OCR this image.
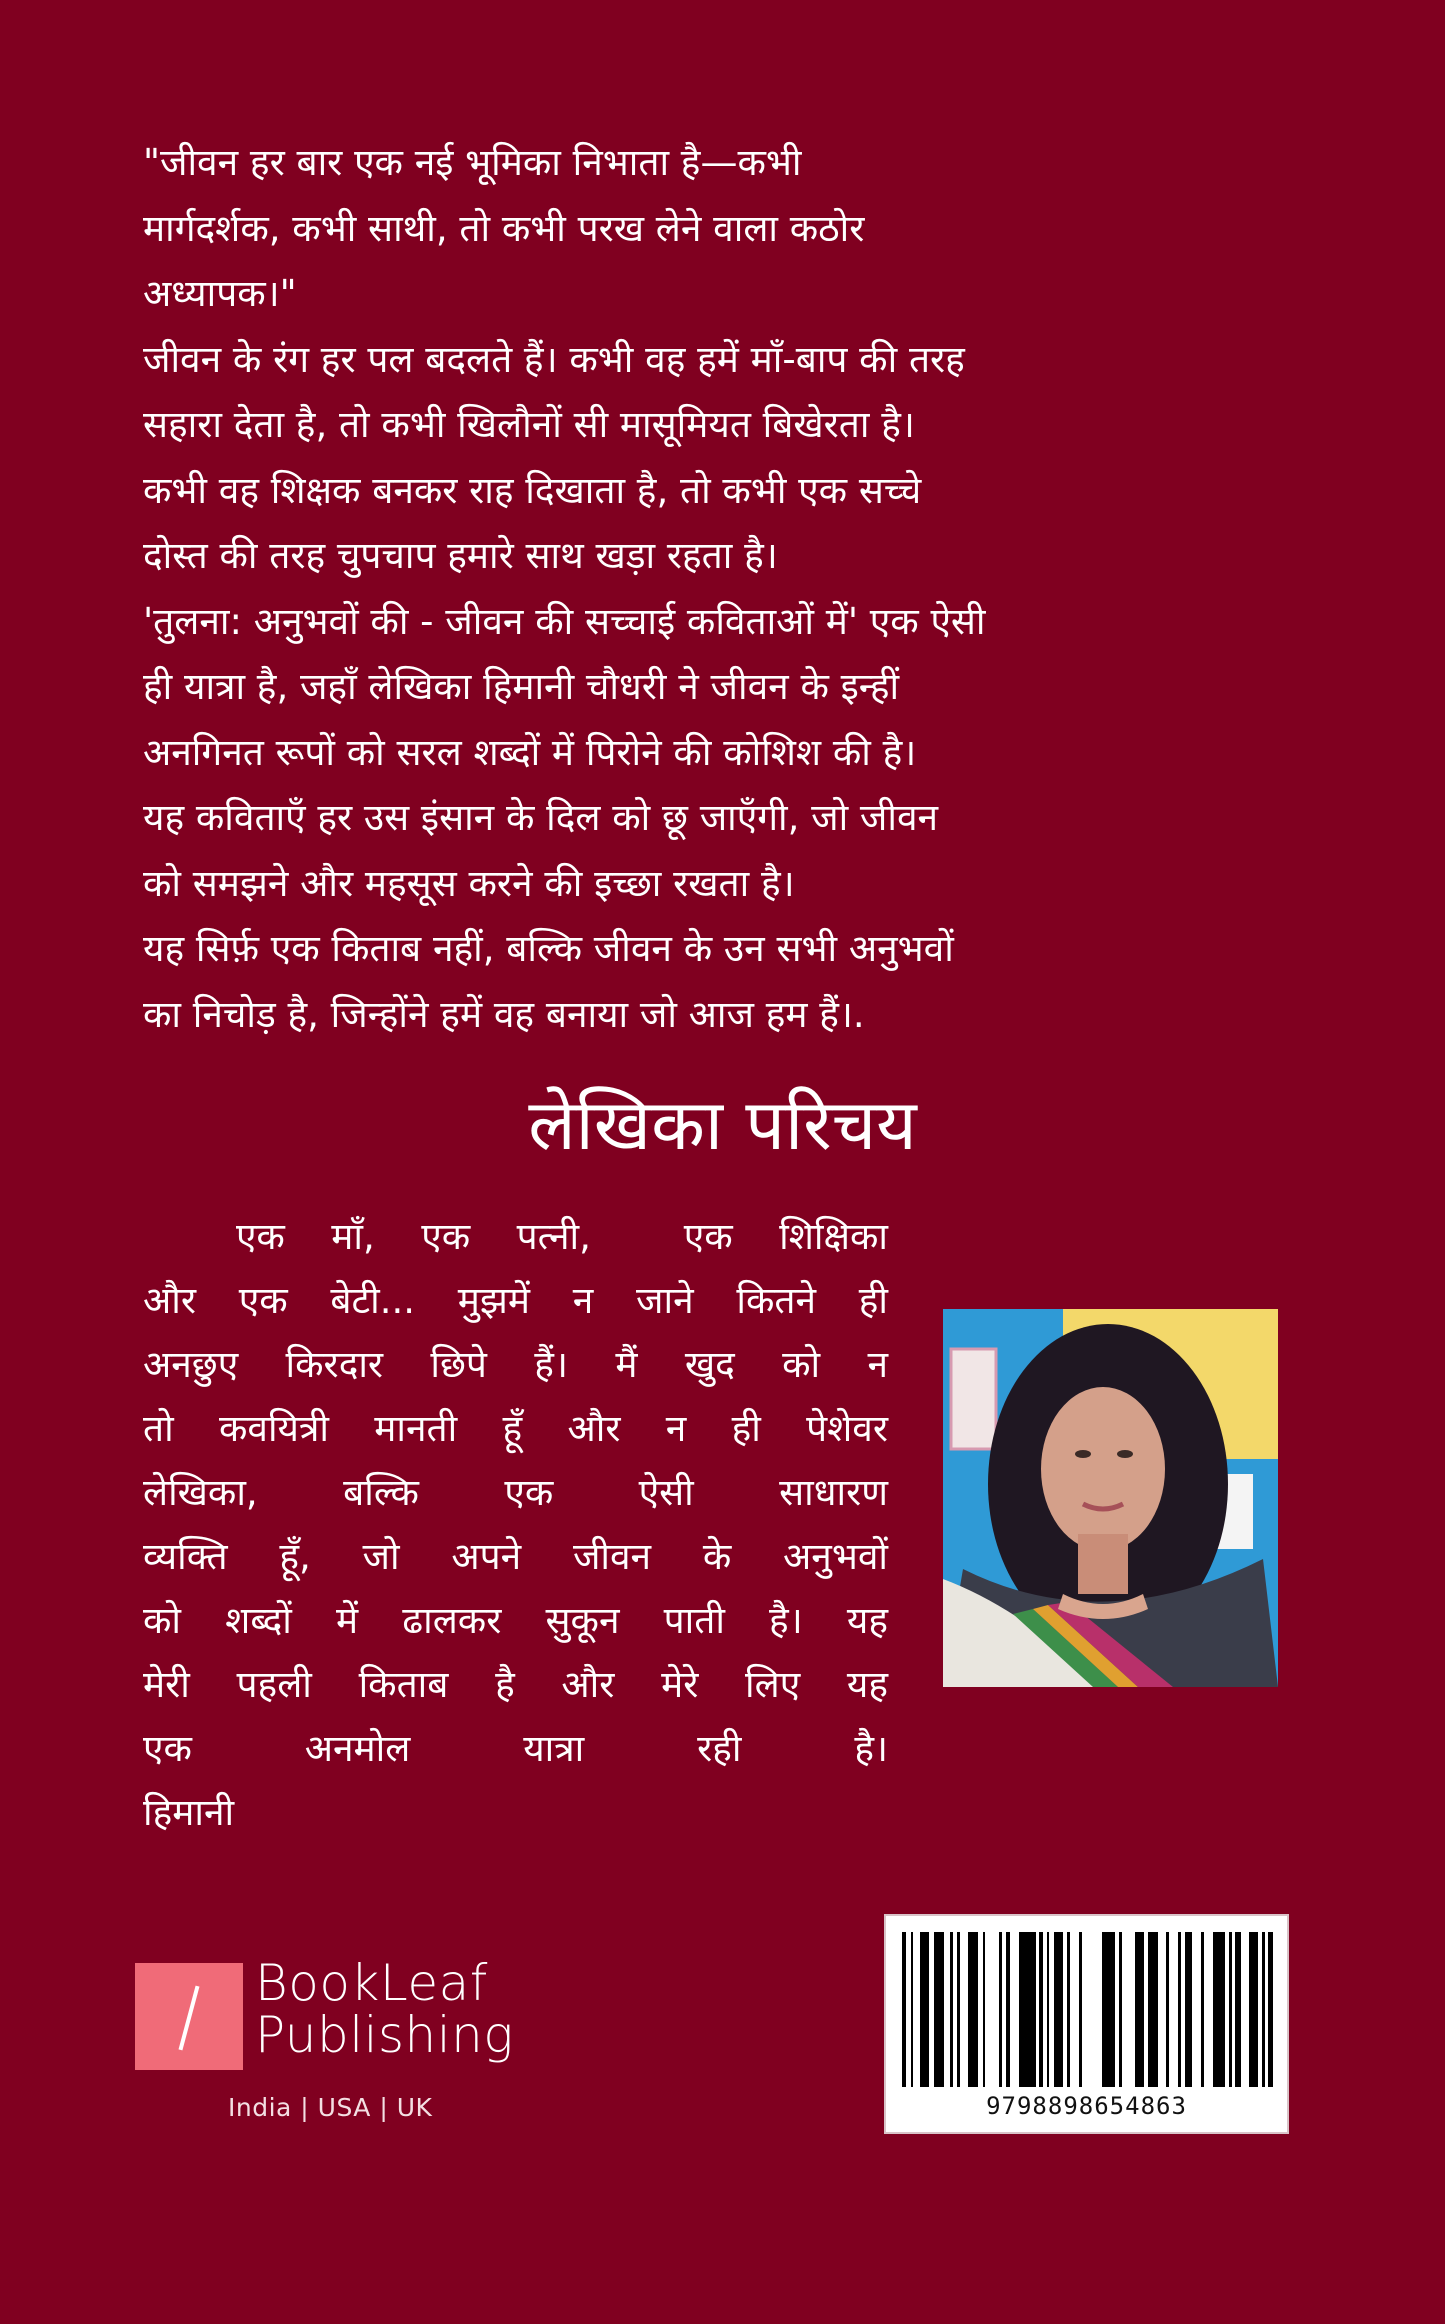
"जीवन हर बार एक नई भूमिका निभाता है—कभी
मार्गदर्शक, कभी साथी, तो कभी परख लेने वाला कठोर
अध्यापक।"
जीवन के रंग हर पल बदलते हैं। कभी वह हमें माँ-बाप की तरह
सहारा देता है, तो कभी खिलौनों सी मासूमियत बिखेरता है।
कभी वह शिक्षक बनकर राह दिखाता है, तो कभी एक सच्चे
दोस्त की तरह चुपचाप हमारे साथ खड़ा रहता है।
'तुलना: अनुभवों की - जीवन की सच्चाई कविताओं में' एक ऐसी
ही यात्रा है, जहाँ लेखिका हिमानी चौधरी ने जीवन के इन्हीं
अनगिनत रूपों को सरल शब्दों में पिरोने की कोशिश की है।
यह कविताएँ हर उस इंसान के दिल को छू जाएँगी, जो जीवन
को समझने और महसूस करने की इच्छा रखता है।
यह सिर्फ़ एक किताब नहीं, बल्कि जीवन के उन सभी अनुभवों
का निचोड़ है, जिन्होंने हमें वह बनाया जो आज हम हैं।.
लेखिका परिचय
एक माँ, एक पत्नी,  एक शिक्षिका
और एक बेटी... मुझमें न जाने कितने ही
अनछुए किरदार छिपे हैं। मैं खुद को न
तो कवयित्री मानती हूँ और न ही पेशेवर
लेखिका, बल्कि एक ऐसी साधारण
व्यक्ति हूँ, जो अपने जीवन के अनुभवों
को शब्दों में ढालकर सुकून पाती है। यह
मेरी पहली किताब है और मेरे लिए यह
एक अनमोल यात्रा रही है।
हिमानी
BookLeaf
Publishing
India | USA | UK	9798898654863
